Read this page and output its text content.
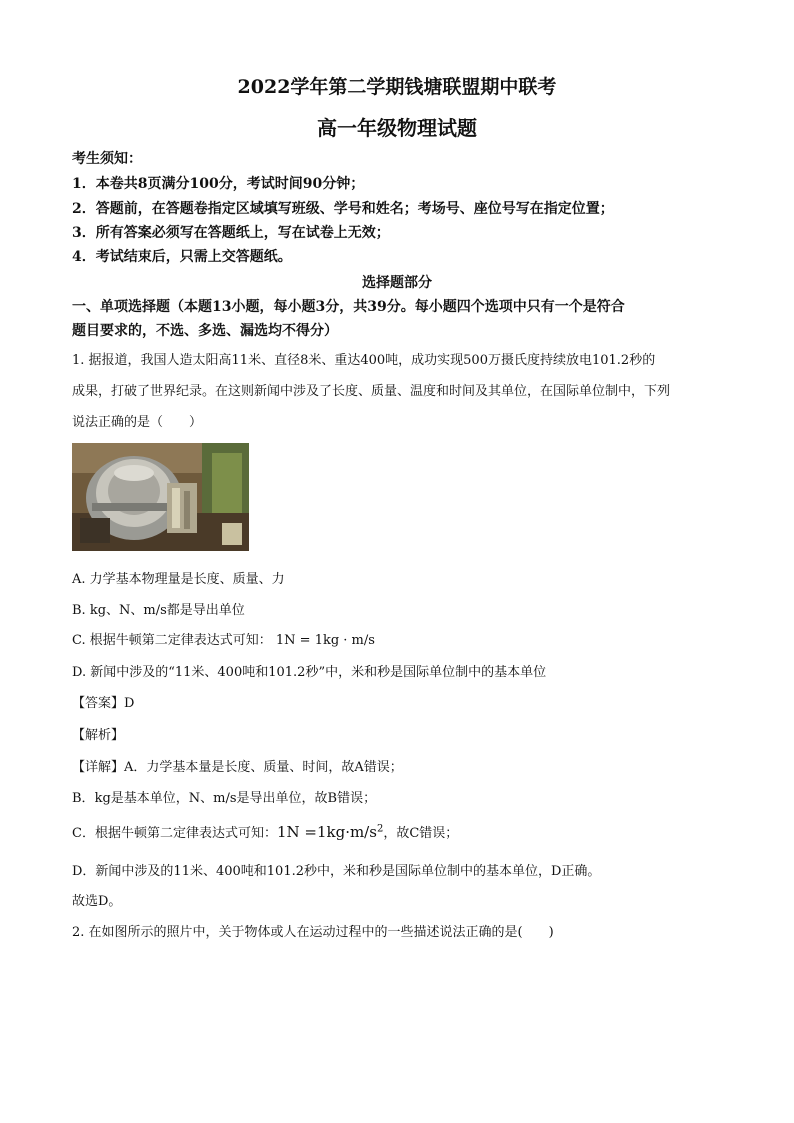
2022学年第二学期钱塘联盟期中联考
高一年级物理试题
考生须知：
1．本卷共8页满分100分，考试时间90分钟；
2．答题前，在答题卷指定区域填写班级、学号和姓名；考场号、座位号写在指定位置；
3．所有答案必须写在答题纸上，写在试卷上无效；
4．考试结束后，只需上交答题纸。
选择题部分
一、单项选择题（本题13小题，每小题3分，共39分。每小题四个选项中只有一个是符合
题目要求的，不选、多选、漏选均不得分）
1. 据报道，我国人造太阳高11米、直径8米、重达400吨，成功实现500万摄氏度持续放电101.2秒的
成果，打破了世界纪录。在这则新闻中涉及了长度、质量、温度和时间及其单位，在国际单位制中，下列
说法正确的是（　　）
A. 力学基本物理量是长度、质量、力
B. kg、N、m/s都是导出单位
C. 根据牛顿第二定律表达式可知： 1N = 1kg · m/s
D. 新闻中涉及的“11米、400吨和101.2秒”中，米和秒是国际单位制中的基本单位
【答案】D
【解析】
【详解】A．力学基本量是长度、质量、时间，故A错误；
B．kg是基本单位，N、m/s是导出单位，故B错误；
C．根据牛顿第二定律表达式可知：$1N =1kg\cdot m/s^2$，故C错误；
D．新闻中涉及的11米、400吨和101.2秒中，米和秒是国际单位制中的基本单位，D正确。
故选D。
2. 在如图所示的照片中，关于物体或人在运动过程中的一些描述说法正确的是(　　)
